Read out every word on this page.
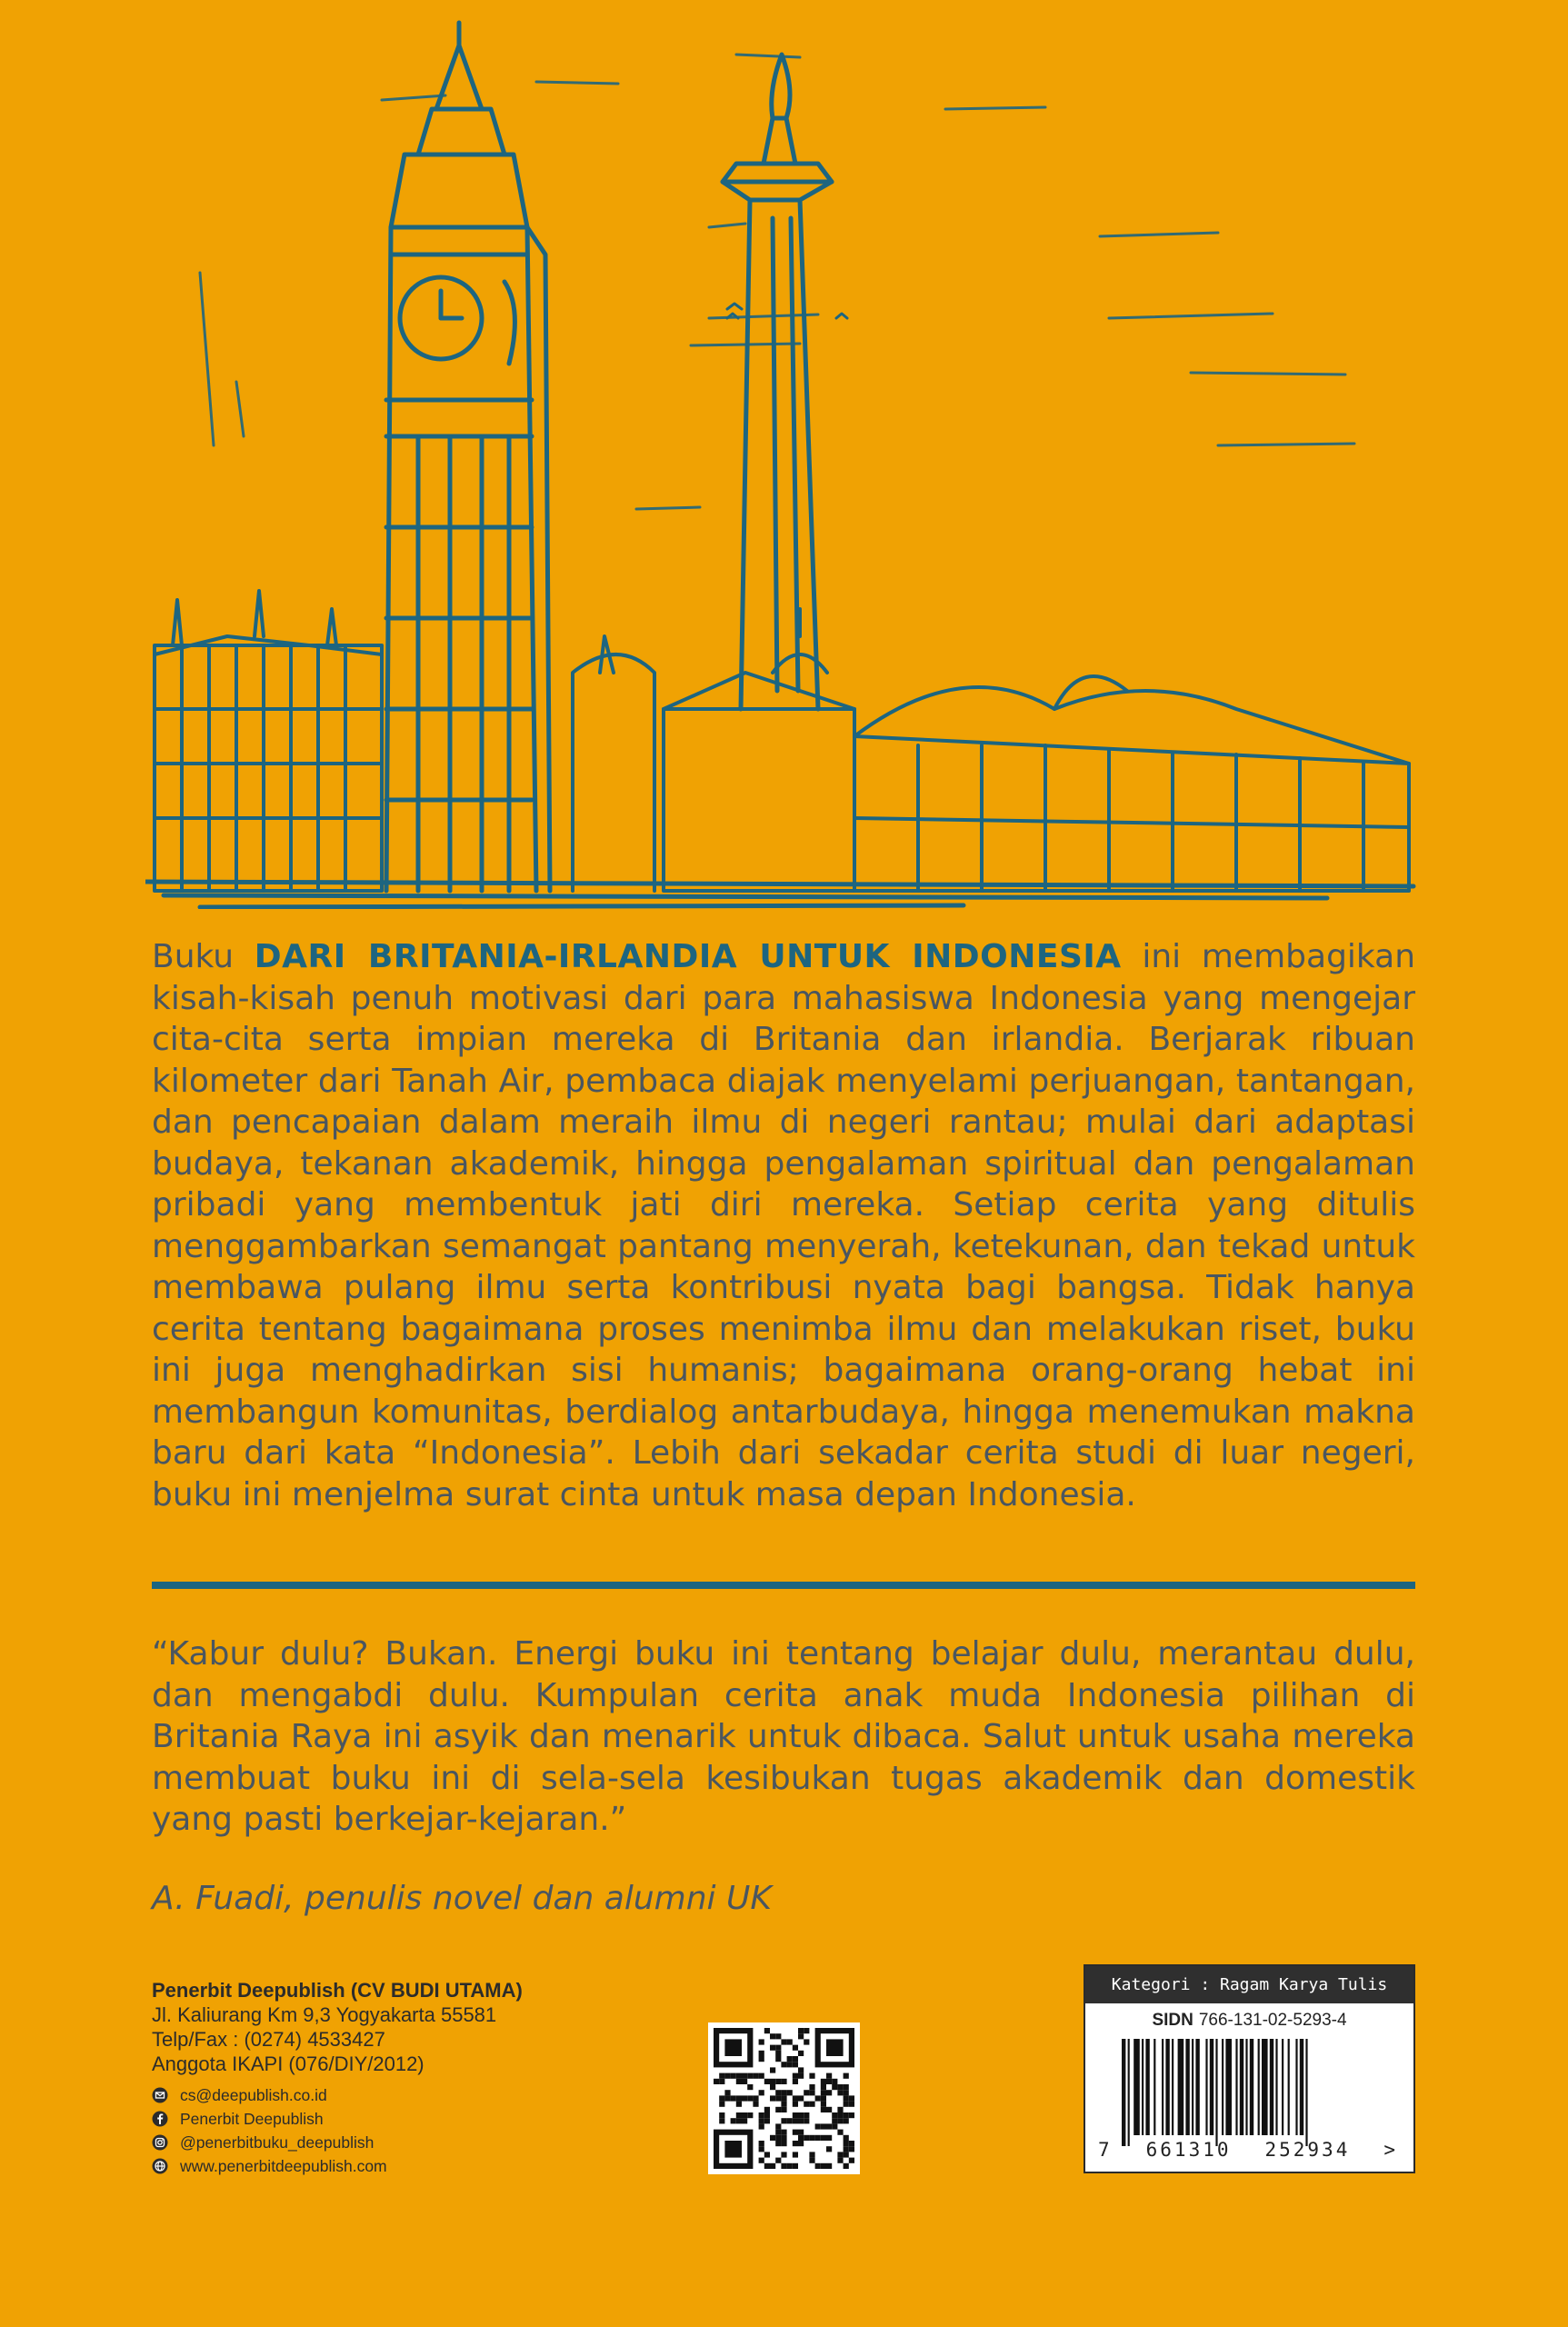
Buku DARI BRITANIA-IRLANDIA UNTUK INDONESIA ini membagikan kisah-kisah penuh motivasi dari para mahasiswa Indonesia yang mengejar cita-cita serta impian mereka di Britania dan irlandia. Berjarak ribuan kilometer dari Tanah Air, pembaca diajak menyelami perjuangan, tantangan, dan pencapaian dalam meraih ilmu di negeri rantau; mulai dari adaptasi budaya, tekanan akademik, hingga pengalaman spiritual dan pengalaman pribadi yang membentuk jati diri mereka. Setiap cerita yang ditulis menggambarkan semangat pantang menyerah, ketekunan, dan tekad untuk membawa pulang ilmu serta kontribusi nyata bagi bangsa. Tidak hanya cerita tentang bagaimana proses menimba ilmu dan melakukan riset, buku ini juga menghadirkan sisi humanis; bagaimana orang-orang hebat ini membangun komunitas, berdialog antarbudaya, hingga menemukan makna baru dari kata “Indonesia”. Lebih dari sekadar cerita studi di luar negeri, buku ini menjelma surat cinta untuk masa depan Indonesia.
“Kabur dulu? Bukan. Energi buku ini tentang belajar dulu, merantau dulu, dan mengabdi dulu. Kumpulan cerita anak muda Indonesia pilihan di Britania Raya ini asyik dan menarik untuk dibaca. Salut untuk usaha mereka membuat buku ini di sela-sela kesibukan tugas akademik dan domestik yang pasti berkejar-kejaran.”
A. Fuadi, penulis novel dan alumni UK
Penerbit Deepublish (CV BUDI UTAMA)
Jl. Kaliurang Km 9,3 Yogyakarta 55581
Telp/Fax : (0274) 4533427
Anggota IKAPI (076/DIY/2012)
cs@deepublish.co.id
Penerbit Deepublish
@penerbitbuku_deepublish
www.penerbitdeepublish.com
Kategori : Ragam Karya Tulis
SIDN 766-131-02-5293-4
7 661310 252934 >
